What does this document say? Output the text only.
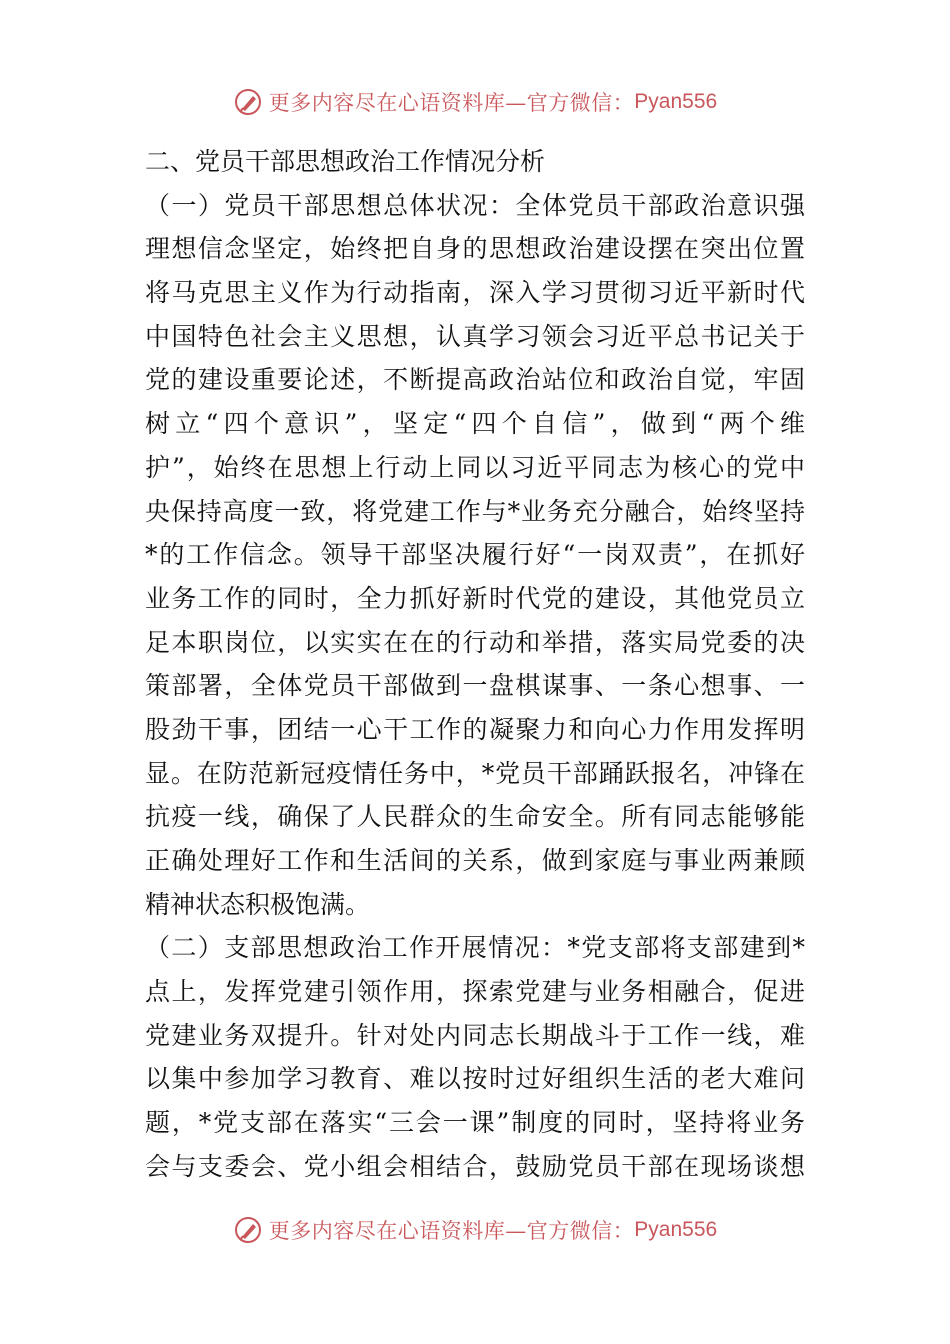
更多内容尽在心语资料库—官方微信： Pyan556
二、党员干部思想政治工作情况分析
（一）党员干部思想总体状况：全体党员干部政治意识强
理想信念坚定，始终把自身的思想政治建设摆在突出位置
将马克思主义作为行动指南，深入学习贯彻习近平新时代
中国特色社会主义思想，认真学习领会习近平总书记关于
党的建设重要论述，不断提高政治站位和政治自觉，牢固
树立“四个意识”，坚定“四个自信”，做到“两个维
护”，始终在思想上行动上同以习近平同志为核心的党中
央保持高度一致，将党建工作与*业务充分融合，始终坚持
*的工作信念。领导干部坚决履行好“一岗双责”，在抓好
业务工作的同时，全力抓好新时代党的建设，其他党员立
足本职岗位，以实实在在的行动和举措，落实局党委的决
策部署，全体党员干部做到一盘棋谋事、一条心想事、一
股劲干事，团结一心干工作的凝聚力和向心力作用发挥明
显。在防范新冠疫情任务中，*党员干部踊跃报名，冲锋在
抗疫一线，确保了人民群众的生命安全。所有同志能够能
正确处理好工作和生活间的关系，做到家庭与事业两兼顾
精神状态积极饱满。
（二）支部思想政治工作开展情况：*党支部将支部建到*
点上，发挥党建引领作用，探索党建与业务相融合，促进
党建业务双提升。针对处内同志长期战斗于工作一线，难
以集中参加学习教育、难以按时过好组织生活的老大难问
题，*党支部在落实“三会一课”制度的同时，坚持将业务
会与支委会、党小组会相结合，鼓励党员干部在现场谈想
更多内容尽在心语资料库—官方微信： Pyan556
